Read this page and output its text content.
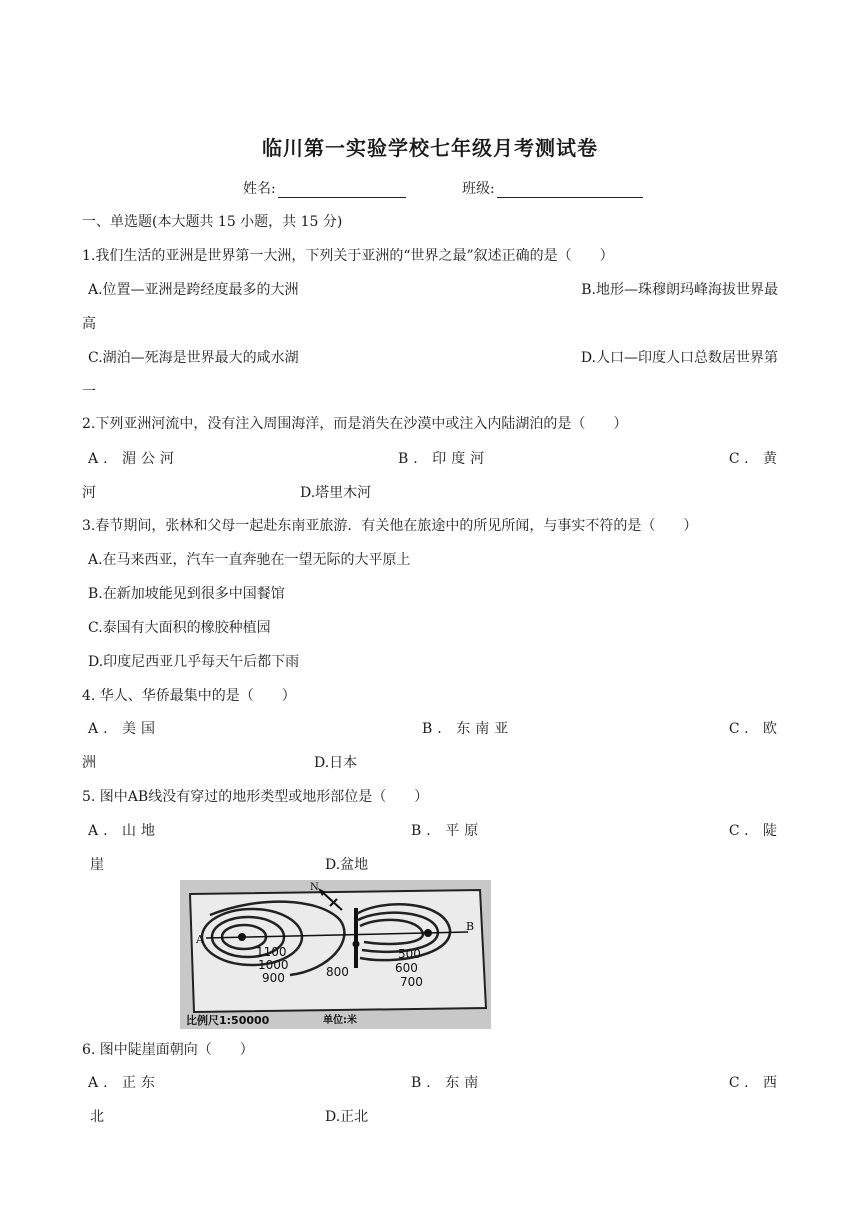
临川第一实验学校七年级月考测试卷
姓名:	班级:
一、单选题(本大题共 15 小题，共 15 分)
1.我们生活的亚洲是世界第一大洲，下列关于亚洲的“世界之最”叙述正确的是（　　）
A.位置—亚洲是跨经度最多的大洲	B.地形—珠穆朗玛峰海拔世界最
高
C.湖泊—死海是世界最大的咸水湖	D.人口—印度人口总数居世界第
一
2.下列亚洲河流中，没有注入周围海洋，而是消失在沙漠中或注入内陆湖泊的是（　　）
A. 湄公河	B. 印度河	C. 黄
河	D.塔里木河
3.春节期间，张林和父母一起赴东南亚旅游．有关他在旅途中的所见所闻，与事实不符的是（　　）
A.在马来西亚，汽车一直奔驰在一望无际的大平原上
B.在新加坡能见到很多中国餐馆
C.泰国有大面积的橡胶种植园
D.印度尼西亚几乎每天午后都下雨
4. 华人、华侨最集中的是（　　）
A. 美国	B. 东南亚	C. 欧
洲	D.日本
5. 图中AB线没有穿过的地形类型或地形部位是（　　）
A. 山地	B. 平原	C. 陡
崖	D.盆地
A
B
N
1100
1000
900
500
600
700
800
比例尺1:50000	单位:米
6. 图中陡崖面朝向（　　）
A. 正东	B. 东南	C. 西
北	D.正北
